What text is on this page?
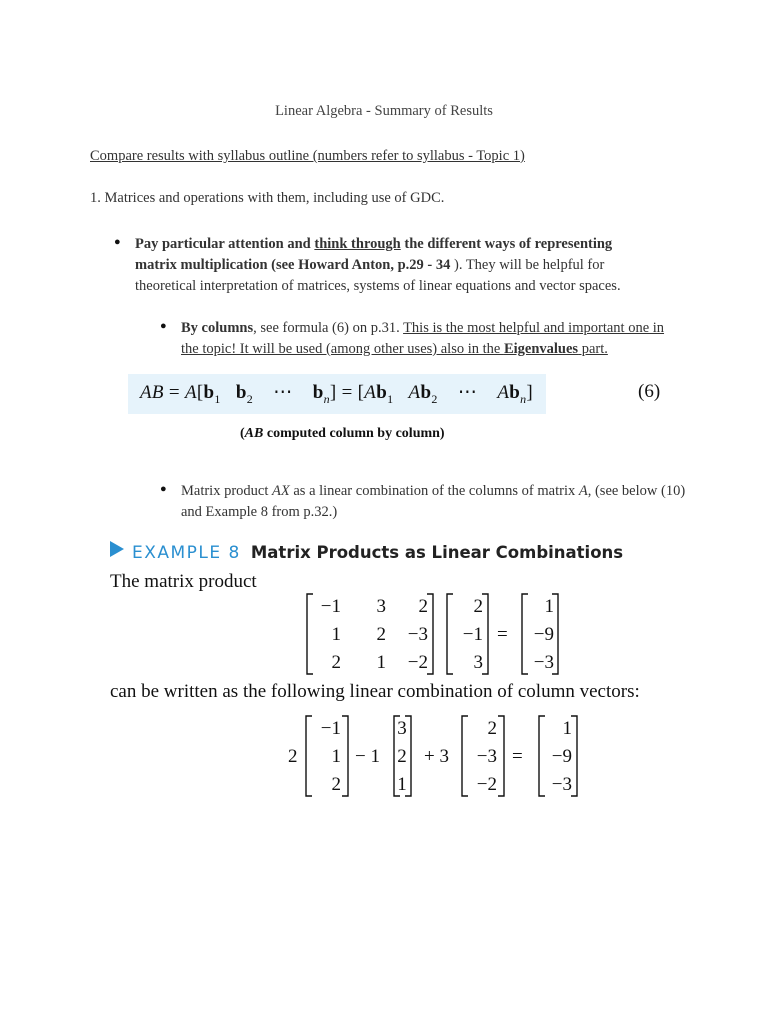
Linear Algebra - Summary of Results
Compare results with syllabus outline (numbers refer to syllabus - Topic 1)
1. Matrices and operations with them, including use of GDC.
● Pay particular attention and think through the different ways of representing matrix multiplication (see Howard Anton, p.29 - 34 ). They will be helpful for theoretical interpretation of matrices, systems of linear equations and vector spaces.
● By columns, see formula (6) on p.31. This is the most helpful and important one in the topic! It will be used (among other uses) also in the Eigenvalues part.
AB = $A[b_1$ $b_2$    ⋯    $b_n] = [Ab_1$ $Ab_2$    ⋯    $Ab_n$]	(6)
(AB computed column by column)
● Matrix product AX as a linear combination of the columns of matrix A, (see below (10) and Example 8 from p.32.)
EXAMPLE 8 Matrix Products as Linear Combinations
The matrix product
−1 3 2
1 2 −3
2 1 −2
2
−1
3
=
1
−9
−3
can be written as the following linear combination of column vectors:
2
−1
1
2
− 1
3
2
1
+ 3
2
−3
−2
=
1
−9
−3
